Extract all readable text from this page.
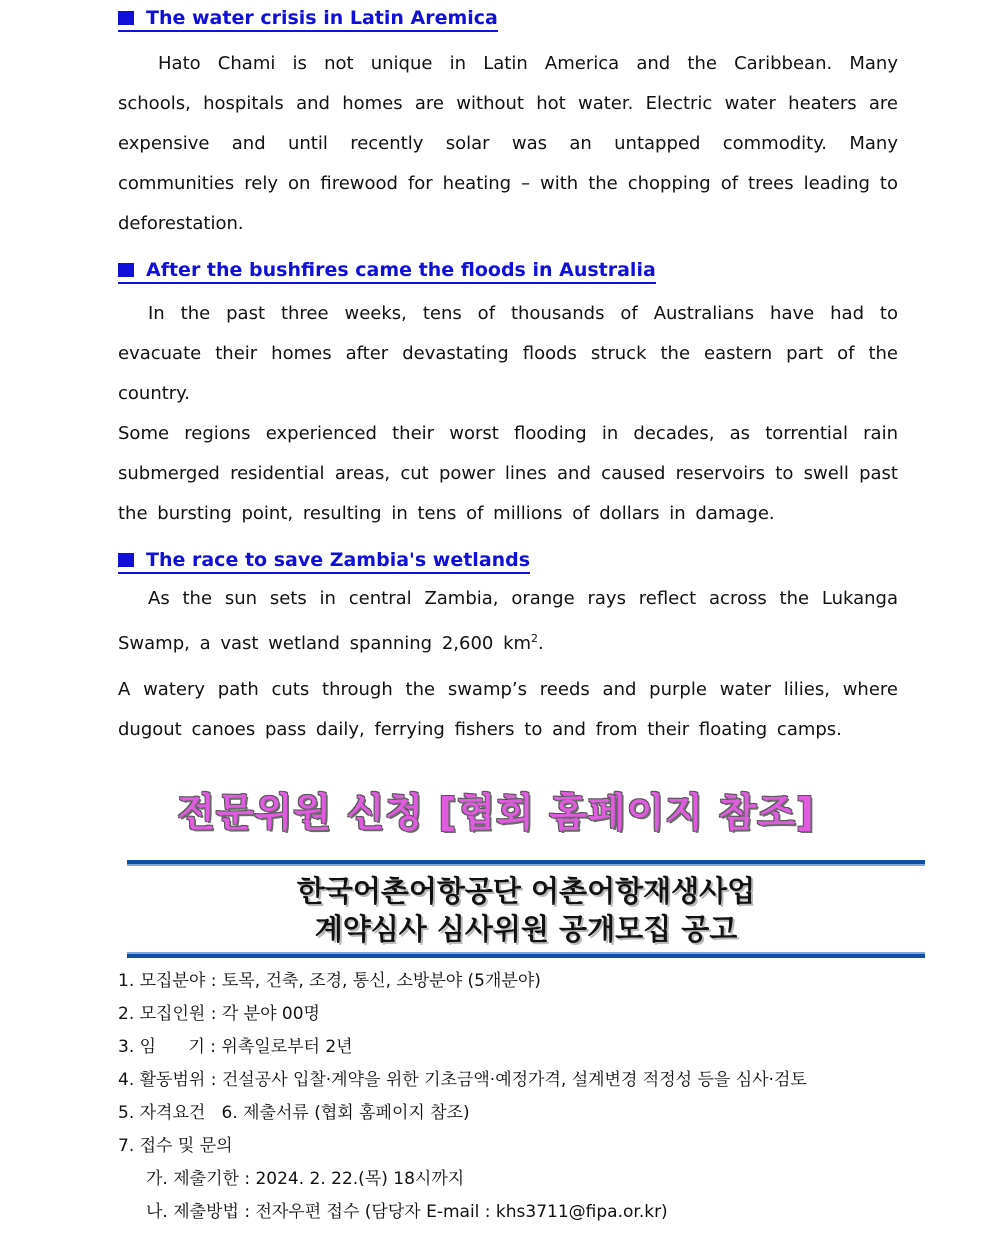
The water crisis in Latin Aremica

Hato Chami is not unique in Latin America and the Caribbean. Many schools, hospitals and homes are without hot water. Electric water heaters are expensive and until recently solar was an untapped commodity. Many communities rely on firewood for heating – with the chopping of trees leading to deforestation.

After the bushfires came the floods in Australia

In the past three weeks, tens of thousands of Australians have had to evacuate their homes after devastating floods struck the eastern part of the country.

Some regions experienced their worst flooding in decades, as torrential rain submerged residential areas, cut power lines and caused reservoirs to swell past the bursting point, resulting in tens of millions of dollars in damage.

The race to save Zambia's wetlands

As the sun sets in central Zambia, orange rays reflect across the Lukanga Swamp, a vast wetland spanning 2,600 $km^2$.

A watery path cuts through the swamp’s reeds and purple water lilies, where dugout canoes pass daily, ferrying fishers to and from their floating camps.

전문위원 신청 [협회 홈페이지 참조]
한국어촌어항공단 어촌어항재생사업
계약심사 심사위원 공개모집 공고
1. 모집분야 : 토목, 건축, 조경, 통신, 소방분야 (5개분야)
2. 모집인원 : 각 분야 00명
3. 임      기 : 위촉일로부터 2년
4. 활동범위 : 건설공사 입찰·계약을 위한 기초금액·예정가격, 설계변경 적정성 등을 심사·검토
5. 자격요건   6. 제출서류 (협회 홈페이지 참조)
7. 접수 및 문의
가. 제출기한 : 2024. 2. 22.(목) 18시까지
나. 제출방법 : 전자우편 접수 (담당자 E-mail : khs3711@fipa.or.kr)
